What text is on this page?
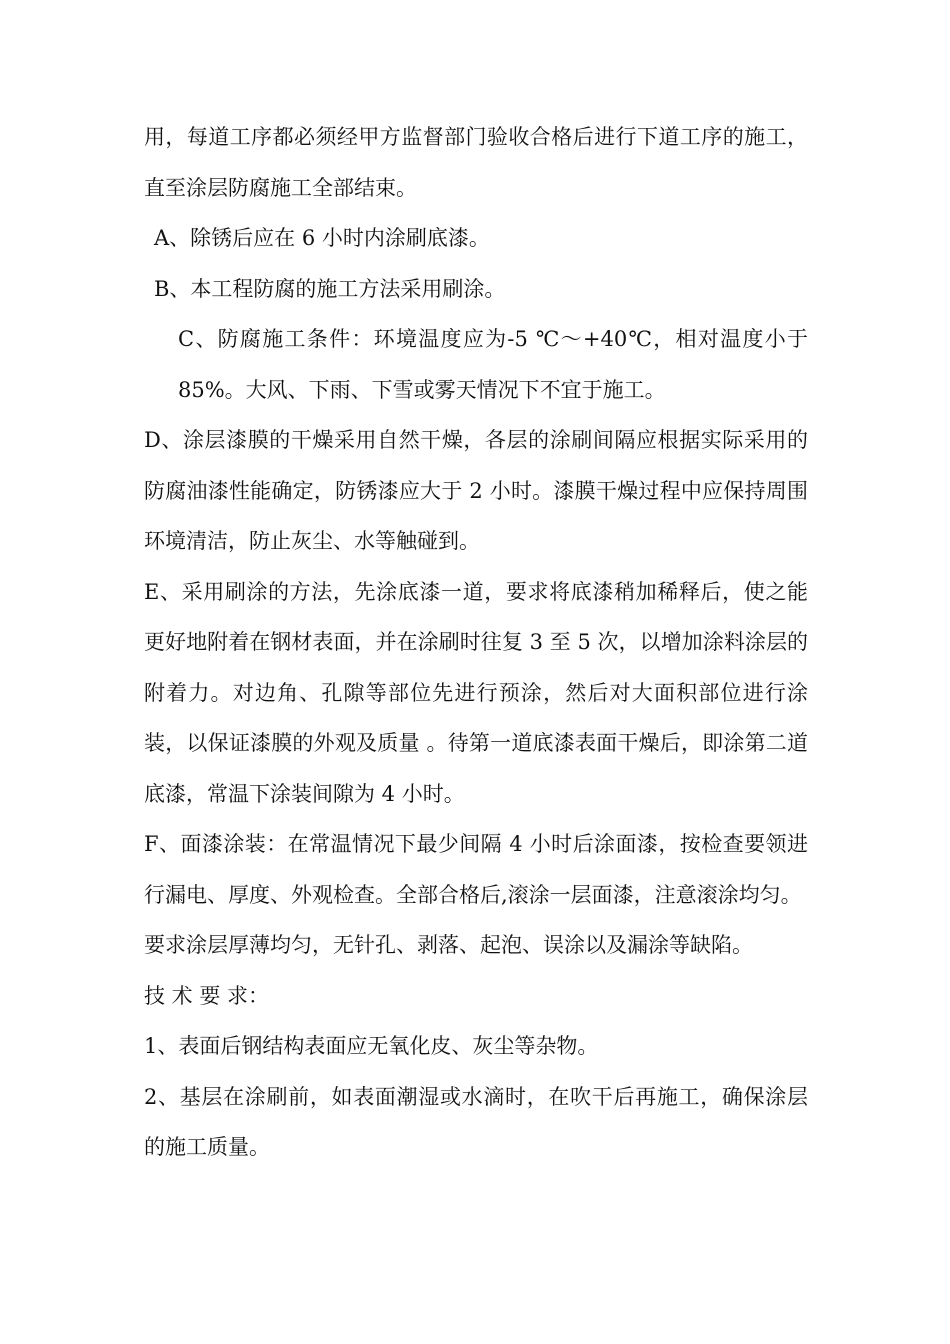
用，每道工序都必须经甲方监督部门验收合格后进行下道工序的施工，直至涂层防腐施工全部结束。

A、除锈后应在 6 小时内涂刷底漆。

B、本工程防腐的施工方法采用刷涂。

C、防腐施工条件：环境温度应为-5 ℃～+40℃，相对温度小于85%。大风、下雨、下雪或雾天情况下不宜于施工。

D、涂层漆膜的干燥采用自然干燥，各层的涂刷间隔应根据实际采用的防腐油漆性能确定，防锈漆应大于 2 小时。漆膜干燥过程中应保持周围环境清洁，防止灰尘、水等触碰到。

E、采用刷涂的方法，先涂底漆一道，要求将底漆稍加稀释后，使之能更好地附着在钢材表面，并在涂刷时往复 3 至 5 次，以增加涂料涂层的附着力。对边角、孔隙等部位先进行预涂，然后对大面积部位进行涂装，以保证漆膜的外观及质量 。待第一道底漆表面干燥后，即涂第二道底漆，常温下涂装间隙为 4 小时。

F、面漆涂装：在常温情况下最少间隔 4 小时后涂面漆，按检查要领进行漏电、厚度、外观检查。全部合格后,滚涂一层面漆，注意滚涂均匀。

要求涂层厚薄均匀，无针孔、剥落、起泡、误涂以及漏涂等缺陷。

技 术 要 求：

1、表面后钢结构表面应无氧化皮、灰尘等杂物。

2、基层在涂刷前，如表面潮湿或水滴时，在吹干后再施工，确保涂层的施工质量。
